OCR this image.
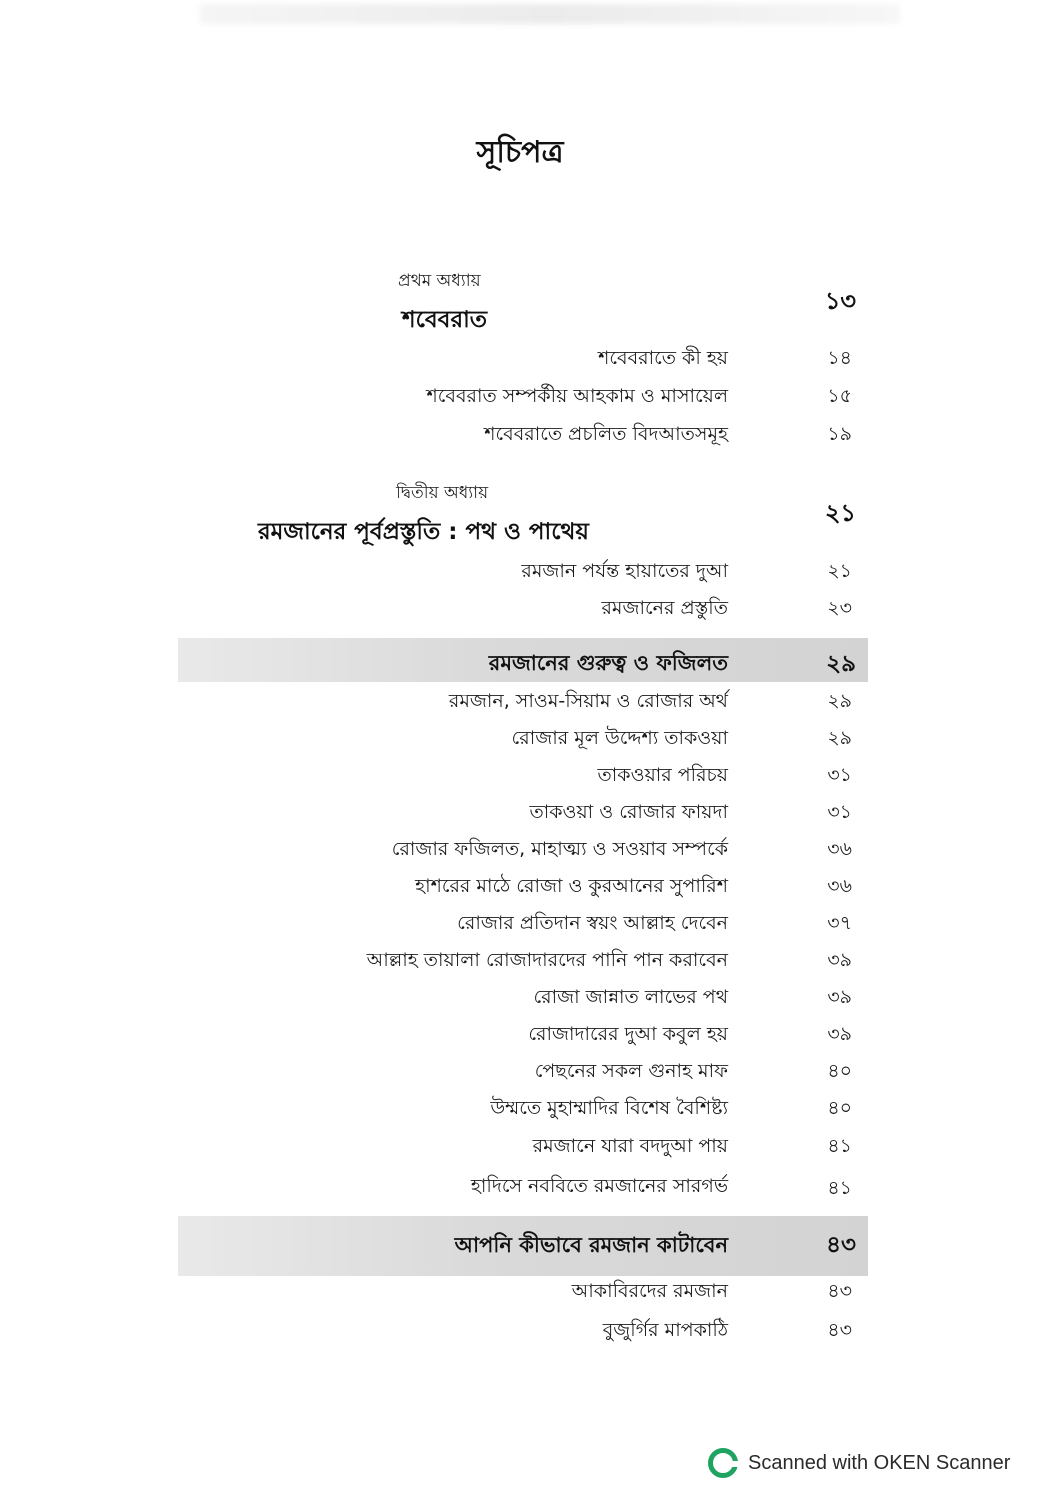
সূচিপত্র
প্রথম অধ্যায়
শবেবরাত
১৩
শবেবরাতে কী হয়	১৪
শবেবরাত সম্পর্কীয় আহকাম ও মাসায়েল	১৫
শবেবরাতে প্রচলিত বিদআতসমূহ	১৯
দ্বিতীয় অধ্যায়
রমজানের পূর্বপ্রস্তুতি : পথ ও পাথেয়
২১
রমজান পর্যন্ত হায়াতের দুআ	২১
রমজানের প্রস্তুতি	২৩
রমজানের গুরুত্ব ও ফজিলত	২৯
রমজান, সাওম-সিয়াম ও রোজার অর্থ	২৯
রোজার মূল উদ্দেশ্য তাকওয়া	২৯
তাকওয়ার পরিচয়	৩১
তাকওয়া ও রোজার ফায়দা	৩১
রোজার ফজিলত, মাহাত্ম্য ও সওয়াব সম্পর্কে	৩৬
হাশরের মাঠে রোজা ও কুরআনের সুপারিশ	৩৬
রোজার প্রতিদান স্বয়ং আল্লাহ দেবেন	৩৭
আল্লাহ তায়ালা রোজাদারদের পানি পান করাবেন	৩৯
রোজা জান্নাত লাভের পথ	৩৯
রোজাদারের দুআ কবুল হয়	৩৯
পেছনের সকল গুনাহ মাফ	৪০
উম্মতে মুহাম্মাদির বিশেষ বৈশিষ্ট্য	৪০
রমজানে যারা বদদুআ পায়	৪১
হাদিসে নববিতে রমজানের সারগর্ভ	৪১
আপনি কীভাবে রমজান কাটাবেন	৪৩
আকাবিরদের রমজান	৪৩
বুজুর্গির মাপকাঠি	৪৩
Scanned with OKEN Scanner
